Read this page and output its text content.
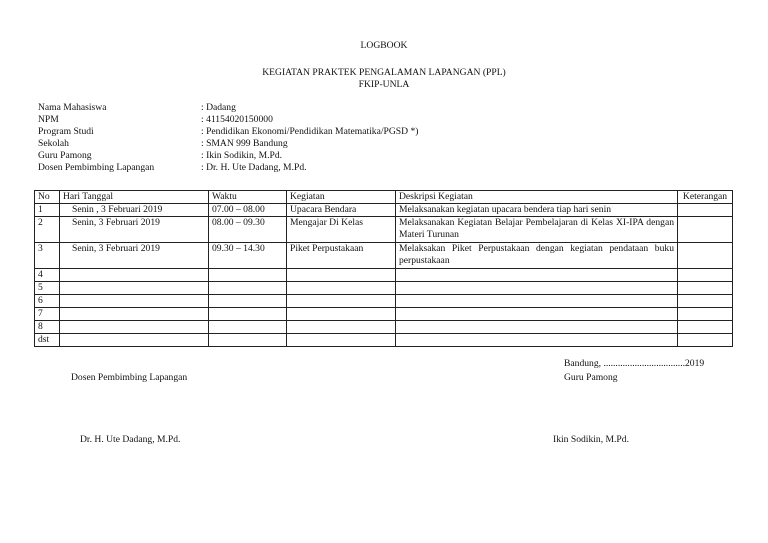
LOGBOOK
KEGIATAN PRAKTEK PENGALAMAN LAPANGAN (PPL)
FKIP-UNLA
Nama Mahasiswa	: Dadang
NPM	: 41154020150000
Program Studi	: Pendidikan Ekonomi/Pendidikan Matematika/PGSD *)
Sekolah	: SMAN 999 Bandung
Guru Pamong	: Ikin Sodikin, M.Pd.
Dosen Pembimbing Lapangan	: Dr. H. Ute Dadang, M.Pd.
No	Hari Tanggal	Waktu	Kegiatan	Deskripsi Kegiatan	Keterangan
1	Senin , 3 Februari 2019	07.00 – 08.00	Upacara Bendara	Melaksanakan kegiatan upacara bendera tiap hari senin	
2	Senin, 3 Februari 2019	08.00 – 09.30	Mengajar Di Kelas	Melaksanakan Kegiatan Belajar Pembelajaran di Kelas XI-IPA dengan Materi Turunan	
3	Senin, 3 Februari 2019	09.30 – 14.30	Piket Perpustakaan	Melaksakan Piket Perpustakaan dengan kegiatan pendataan buku perpustakaan	
4					
5					
6					
7					
8					
dst					
Bandung, ..................................2019
Dosen Pembimbing Lapangan	Guru Pamong
Dr. H. Ute Dadang, M.Pd.	Ikin Sodikin, M.Pd.
